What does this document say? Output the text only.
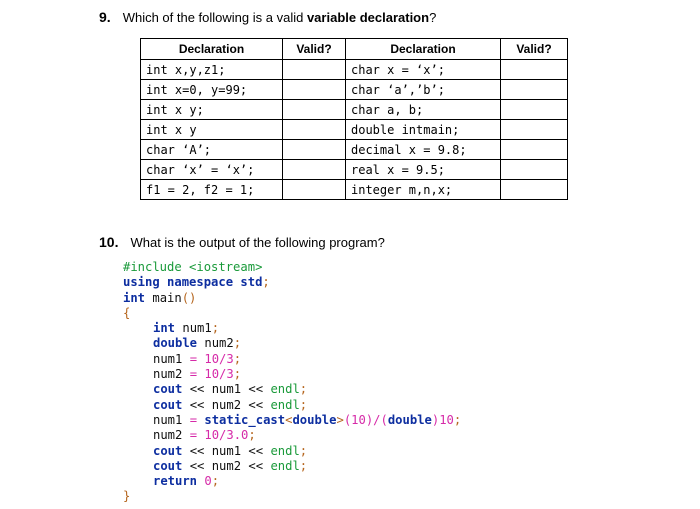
9. Which of the following is a valid variable declaration?
Declaration	Valid?	Declaration	Valid?
int x,y,z1;		char x = ‘x’;	
int x=0, y=99;		char ‘a’,’b’;	
int x y;		char a, b;	
int x y		double intmain;	
char ‘A’;		decimal x = 9.8;	
char ‘x’ = ‘x’;		real x = 9.5;	
f1 = 2, f2 = 1;		integer m,n,x;	
10. What is the output of the following program?
#include <iostream>
using namespace std;
int main()
{
int num1;
double num2;
num1 = 10/3;
num2 = 10/3;
cout << num1 << endl;
cout << num2 << endl;
num1 = static_cast<double>(10)/(double)10;
num2 = 10/3.0;
cout << num1 << endl;
cout << num2 << endl;
return 0;
}
